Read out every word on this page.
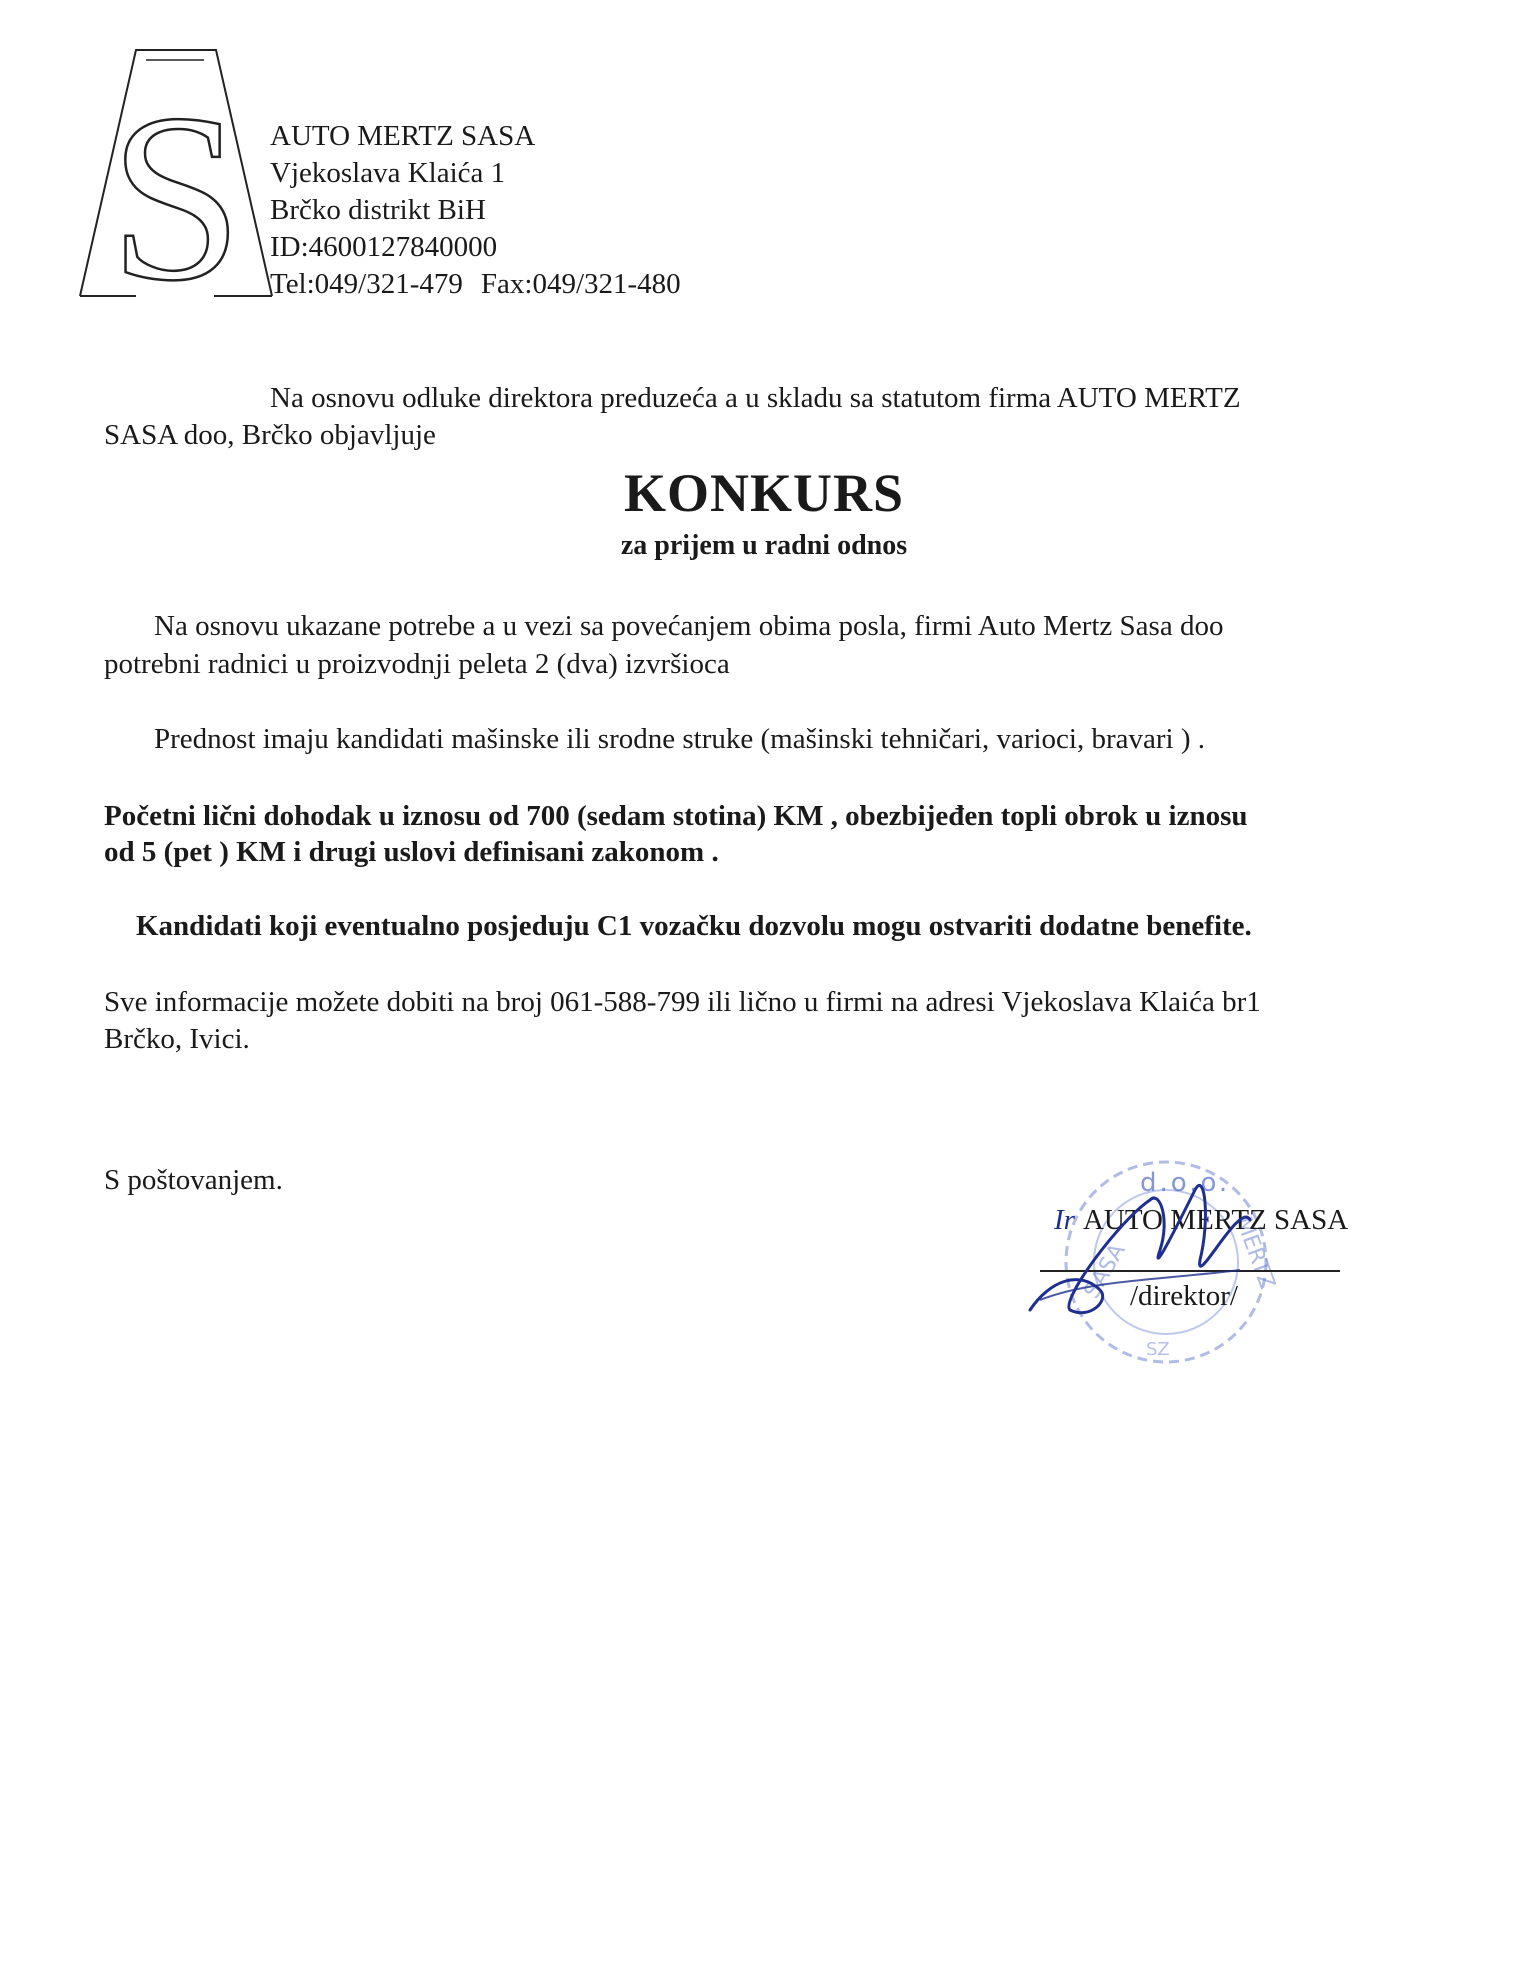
S AUTO MERTZ SASA
Vjekoslava Klaića 1
Brčko distrikt BiH
ID:4600127840000
Tel:049/321-479 Fax:049/321-480
Na osnovu odluke direktora preduzeća a u skladu sa statutom firma AUTO MERTZ
SASA doo, Brčko objavljuje
KONKURS
za prijem u radni odnos
Na osnovu ukazane potrebe a u vezi sa povećanjem obima posla, firmi Auto Mertz Sasa doo
potrebni radnici u proizvodnji peleta 2 (dva) izvršioca
Prednost imaju kandidati mašinske ili srodne struke (mašinski tehničari, varioci, bravari ) .
Početni lični dohodak u iznosu od 700 (sedam stotina) KM , obezbijeđen topli obrok u iznosu
od 5 (pet ) KM i drugi uslovi definisani zakonom .
Kandidati koji eventualno posjeduju C1 vozačku dozvolu mogu ostvariti dodatne benefite.
Sve informacije možete dobiti na broj 061-588-799 ili lično u firmi na adresi Vjekoslava Klaića br1
Brčko, Ivici.
S poštovanjem.
SASA	MERTZ
SZ
d.o.o.
Ir AUTO MERTZ SASA
/direktor/
